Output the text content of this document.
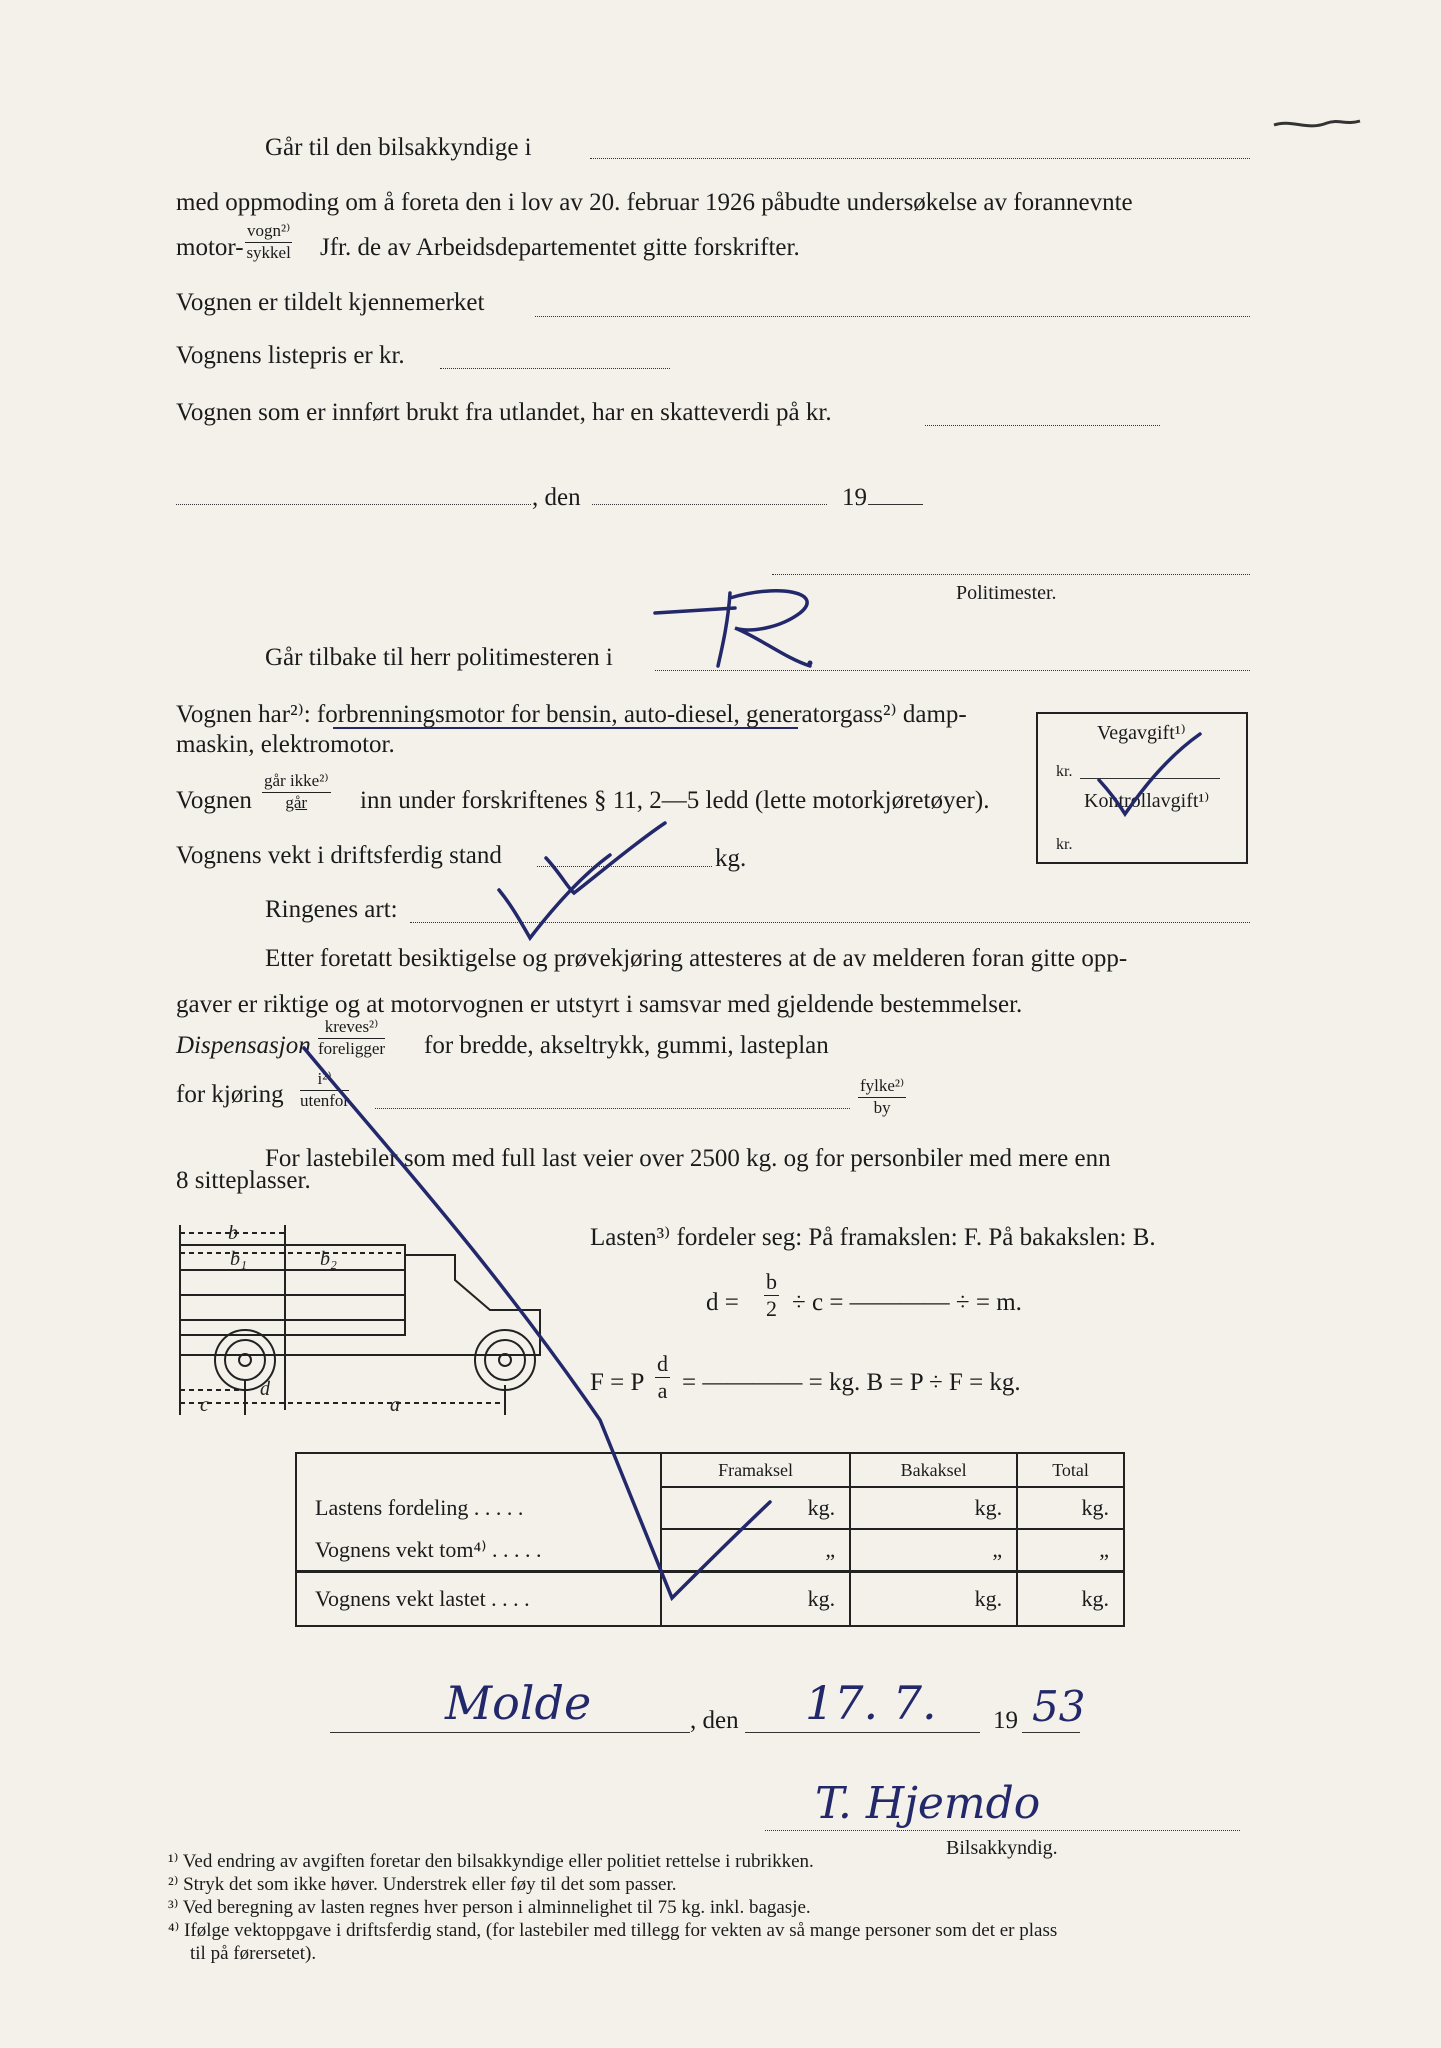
Går til den bilsakkyndige i
med oppmoding om å foreta den i lov av 20. februar 1926 påbudte undersøkelse av forannevnte
motor-
vogn²⁾
sykkel Jfr. de av Arbeidsdepartementet gitte forskrifter.
Vognen er tildelt kjennemerket
Vognens listepris er kr.
Vognen som er innført brukt fra utlandet, har en skatteverdi på kr.
, den	19
Politimester.
Går tilbake til herr politimesteren i
Vognen har²⁾: forbrenningsmotor for bensin, auto-diesel, generatorgass²⁾ damp-
maskin, elektromotor.
Vognen
går ikke²⁾
går	inn under forskriftenes § 11, 2—5 ledd (lette motorkjøretøyer).
Vognens vekt i driftsferdig stand	kg.
Ringenes art:
Vegavgift¹⁾
kr.
Kontrollavgift¹⁾
kr.
Etter foretatt besiktigelse og prøvekjøring attesteres at de av melderen foran gitte opp-
gaver er riktige og at motorvognen er utstyrt i samsvar med gjeldende bestemmelser.
Dispensasjon
kreves²⁾
foreligger for bredde, akseltrykk, gummi, lasteplan
for kjøring
i²⁾
utenfor
fylke²⁾
by
For lastebiler som med full last veier over 2500 kg. og for personbiler med mere enn
8 sitteplasser.
b
b₁	b₂
c
d
a
Lasten³⁾ fordeler seg: På framakslen: F. På bakakslen: B.
$d = \frac{b}{2} \div c$ = ———— ÷ = m.
F = P $\frac{d}{a}$ = ———— = kg. B = P ÷ F = kg.
	Framaksel	Bakaksel	Total
Lastens fordeling . . . . .	kg.	kg.	kg.
Vognens vekt tom⁴⁾ . . . . .	„	„	„
Vognens vekt lastet . . . .	kg.	kg.	kg.
Molde	, den 17. 7. 19 53
T. Hjemdo
Bilsakkyndig.
¹⁾ Ved endring av avgiften foretar den bilsakkyndige eller politiet rettelse i rubrikken.
²⁾ Stryk det som ikke høver. Understrek eller føy til det som passer.
³⁾ Ved beregning av lasten regnes hver person i alminnelighet til 75 kg. inkl. bagasje.
⁴⁾ Ifølge vektoppgave i driftsferdig stand, (for lastebiler med tillegg for vekten av så mange personer som det er plass
til på førersetet).
